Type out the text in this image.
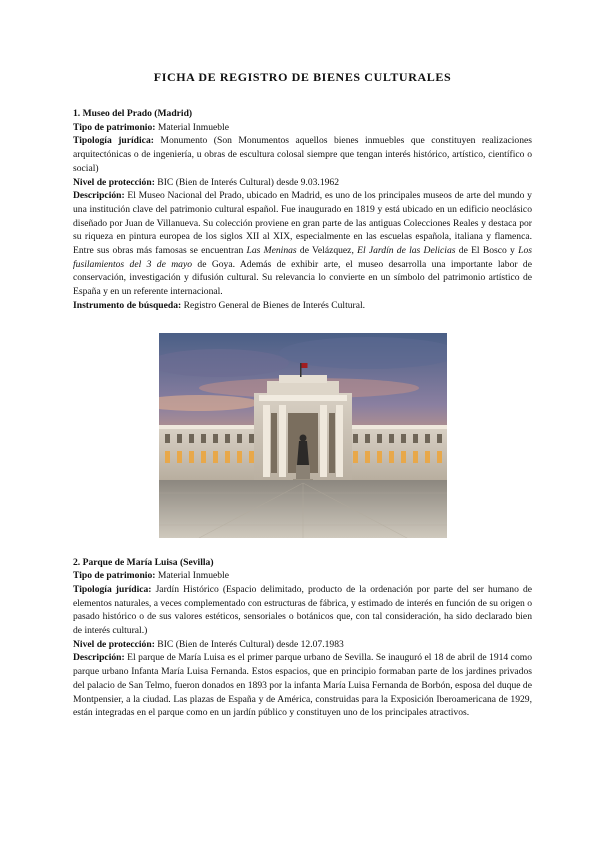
FICHA DE REGISTRO DE BIENES CULTURALES

1. Museo del Prado (Madrid)

Tipo de patrimonio: Material Inmueble

Tipología jurídica: Monumento (Son Monumentos aquellos bienes inmuebles que constituyen realizaciones arquitectónicas o de ingeniería, u obras de escultura colosal siempre que tengan interés histórico, artístico, científico o social)

Nivel de protección: BIC (Bien de Interés Cultural) desde 9.03.1962

Descripción: El Museo Nacional del Prado, ubicado en Madrid, es uno de los principales museos de arte del mundo y una institución clave del patrimonio cultural español. Fue inaugurado en 1819 y está ubicado en un edificio neoclásico diseñado por Juan de Villanueva. Su colección proviene en gran parte de las antiguas Colecciones Reales y destaca por su riqueza en pintura europea de los siglos XII al XIX, especialmente en las escuelas española, italiana y flamenca. Entre sus obras más famosas se encuentran Las Meninas de Velázquez, El Jardín de las Delicias de El Bosco y Los fusilamientos del 3 de mayo de Goya. Además de exhibir arte, el museo desarrolla una importante labor de conservación, investigación y difusión cultural. Su relevancia lo convierte en un símbolo del patrimonio artístico de España y en un referente internacional.

Instrumento de búsqueda: Registro General de Bienes de Interés Cultural.

2. Parque de María Luisa (Sevilla)

Tipo de patrimonio: Material Inmueble

Tipología jurídica: Jardín Histórico (Espacio delimitado, producto de la ordenación por parte del ser humano de elementos naturales, a veces complementado con estructuras de fábrica, y estimado de interés en función de su origen o pasado histórico o de sus valores estéticos, sensoriales o botánicos que, con tal consideración, ha sido declarado bien de interés cultural.)

Nivel de protección: BIC (Bien de Interés Cultural) desde 12.07.1983

Descripción: El parque de María Luisa es el primer parque urbano de Sevilla. Se inauguró el 18 de abril de 1914 como parque urbano Infanta María Luisa Fernanda. Estos espacios, que en principio formaban parte de los jardines privados del palacio de San Telmo, fueron donados en 1893 por la infanta María Luisa Fernanda de Borbón, esposa del duque de Montpensier, a la ciudad. Las plazas de España y de América, construidas para la Exposición Iberoamericana de 1929, están integradas en el parque como en un jardín público y constituyen uno de los principales atractivos.
